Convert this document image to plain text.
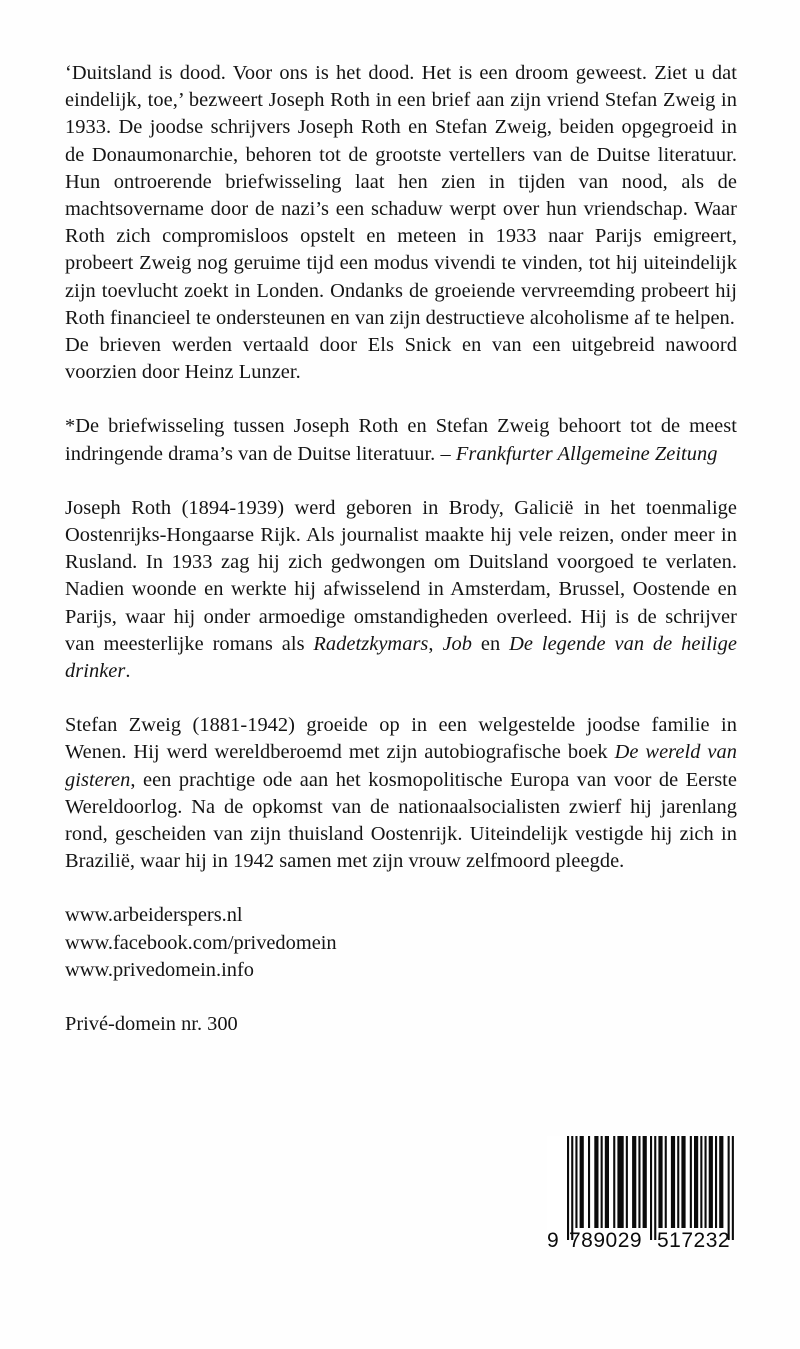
‘Duitsland is dood. Voor ons is het dood. Het is een droom geweest. Ziet u dat eindelijk, toe,’ bezweert Joseph Roth in een brief aan zijn vriend Stefan Zweig in 1933. De joodse schrijvers Joseph Roth en Stefan Zweig, beiden opgegroeid in de Donaumonarchie, behoren tot de grootste vertellers van de Duitse literatuur. Hun ontroerende briefwisseling laat hen zien in tijden van nood, als de machtsovername door de nazi’s een schaduw werpt over hun vriendschap. Waar Roth zich compromisloos opstelt en meteen in 1933 naar Parijs emigreert, probeert Zweig nog geruime tijd een modus vivendi te vinden, tot hij uiteindelijk zijn toevlucht zoekt in Londen. Ondanks de groeiende vervreemding probeert hij Roth financieel te ondersteunen en van zijn destructieve alcoholisme af te helpen.

De brieven werden vertaald door Els Snick en van een uitgebreid nawoord voorzien door Heinz Lunzer.

*De briefwisseling tussen Joseph Roth en Stefan Zweig behoort tot de meest indringende drama’s van de Duitse literatuur. – Frankfurter Allgemeine Zeitung

Joseph Roth (1894-1939) werd geboren in Brody, Galicië in het toenmalige Oostenrijks-Hongaarse Rijk. Als journalist maakte hij vele reizen, onder meer in Rusland. In 1933 zag hij zich gedwongen om Duitsland voorgoed te verlaten. Nadien woonde en werkte hij afwisselend in Amsterdam, Brussel, Oostende en Parijs, waar hij onder armoedige omstandigheden overleed. Hij is de schrijver van meesterlijke romans als Radetzkymars, Job en De legende van de heilige drinker.

Stefan Zweig (1881-1942) groeide op in een welgestelde joodse familie in Wenen. Hij werd wereldberoemd met zijn autobiografische boek De wereld van gisteren, een prachtige ode aan het kosmopolitische Europa van voor de Eerste Wereldoorlog. Na de opkomst van de nationaalsocialisten zwierf hij jarenlang rond, gescheiden van zijn thuisland Oostenrijk. Uiteindelijk vestigde hij zich in Brazilië, waar hij in 1942 samen met zijn vrouw zelfmoord pleegde.

www.arbeiderspers.nl

www.facebook.com/privedomein

www.privedomein.info

Privé-domein nr. 300

9 789029 517232
